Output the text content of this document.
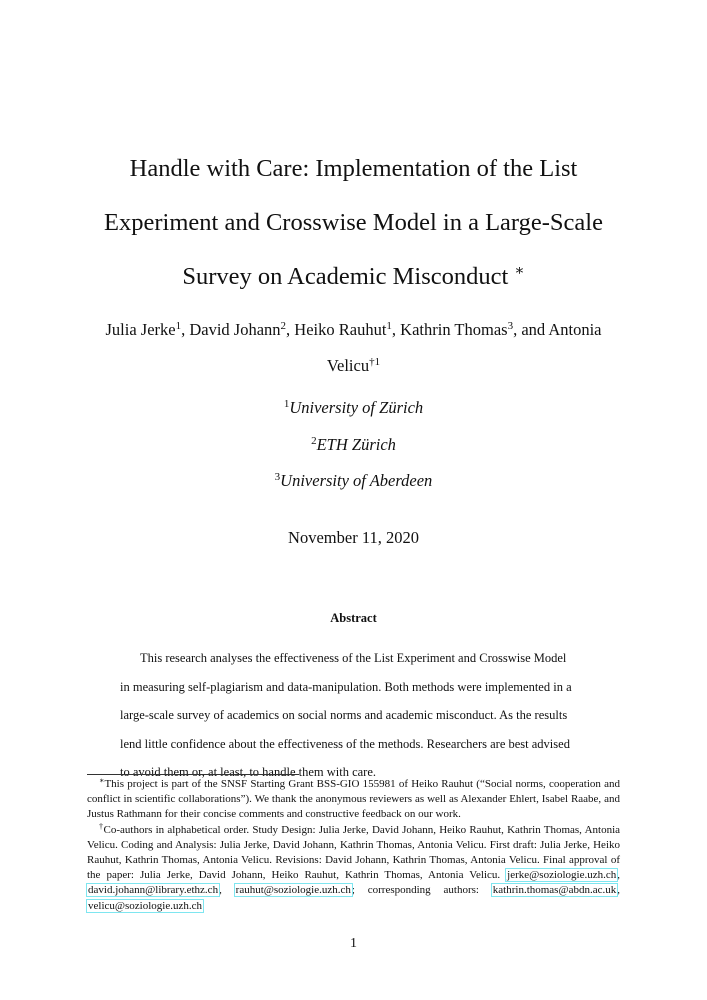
Handle with Care: Implementation of the List
Experiment and Crosswise Model in a Large-Scale
Survey on Academic Misconduct ∗
Julia Jerke$^1$, David Johann$^2$, Heiko Rauhut$^1$, Kathrin Thomas$^3$, and Antonia
Velicu$^{\dagger 1}$
$^1$University of Zürich
$^2$ETH Zürich
$^3$University of Aberdeen
November 11, 2020
Abstract

This research analyses the effectiveness of the List Experiment and Crosswise Model
in measuring self-plagiarism and data-manipulation. Both methods were implemented in a
large-scale survey of academics on social norms and academic misconduct. As the results
lend little confidence about the effectiveness of the methods. Researchers are best advised
to avoid them or, at least, to handle them with care.

∗This project is part of the SNSF Starting Grant BSS-GIO 155981 of Heiko Rauhut (“Social norms, cooperation and conflict in scientific collaborations”). We thank the anonymous reviewers as well as Alexander Ehlert, Isabel Raabe, and Justus Rathmann for their concise comments and constructive feedback on our work.

†Co-authors in alphabetical order. Study Design: Julia Jerke, David Johann, Heiko Rauhut, Kathrin Thomas, Antonia Velicu. Coding and Analysis: Julia Jerke, David Johann, Kathrin Thomas, Antonia Velicu. First draft: Julia Jerke, Heiko Rauhut, Kathrin Thomas, Antonia Velicu. Revisions: David Johann, Kathrin Thomas, Antonia Velicu. Final approval of the paper: Julia Jerke, David Johann, Heiko Rauhut, Kathrin Thomas, Antonia Velicu. jerke@soziologie.uzh.ch, david.johann@library.ethz.ch, rauhut@soziologie.uzh.ch; corresponding authors: kathrin.thomas@abdn.ac.uk, velicu@soziologie.uzh.ch

1
